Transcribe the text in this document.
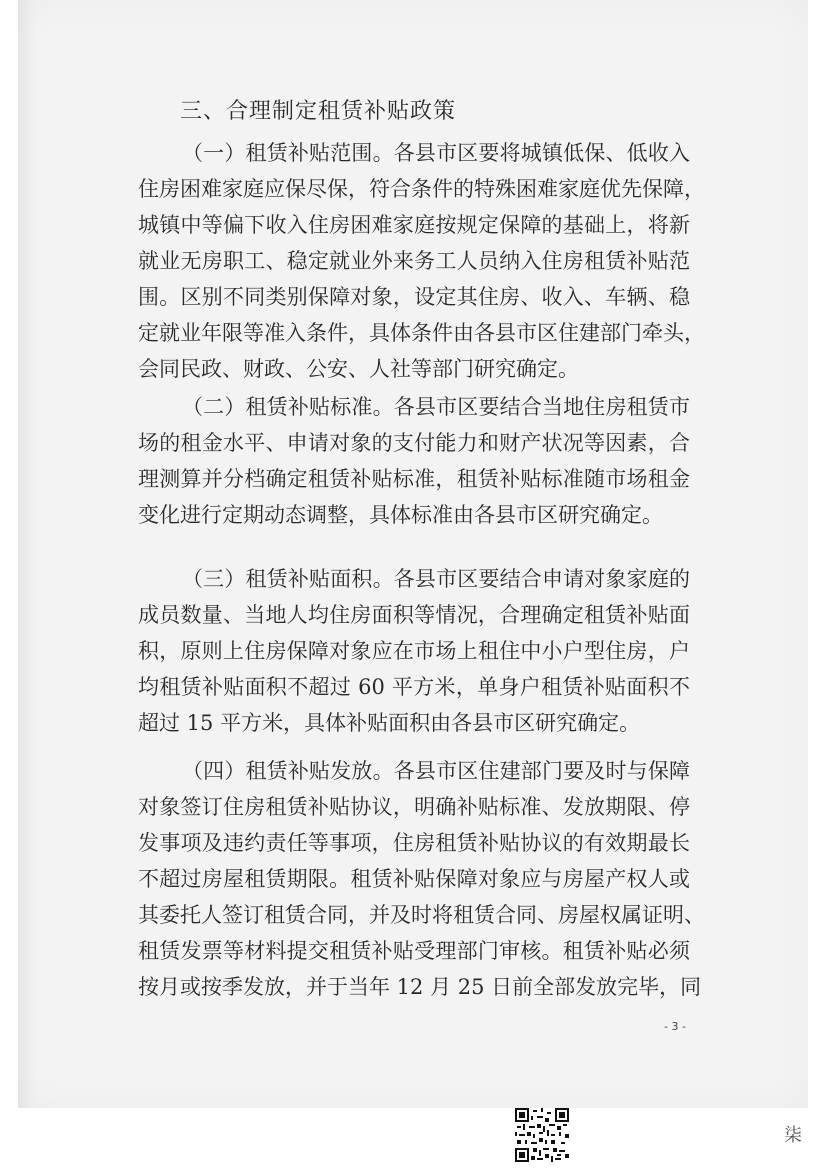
三、合理制定租赁补贴政策
（一）租赁补贴范围。各县市区要将城镇低保、低收入
住房困难家庭应保尽保，符合条件的特殊困难家庭优先保障，
城镇中等偏下收入住房困难家庭按规定保障的基础上，将新
就业无房职工、稳定就业外来务工人员纳入住房租赁补贴范
围。区别不同类别保障对象，设定其住房、收入、车辆、稳
定就业年限等准入条件，具体条件由各县市区住建部门牵头，
会同民政、财政、公安、人社等部门研究确定。
（二）租赁补贴标准。各县市区要结合当地住房租赁市
场的租金水平、申请对象的支付能力和财产状况等因素，合
理测算并分档确定租赁补贴标准，租赁补贴标准随市场租金
变化进行定期动态调整，具体标准由各县市区研究确定。
（三）租赁补贴面积。各县市区要结合申请对象家庭的
成员数量、当地人均住房面积等情况，合理确定租赁补贴面
积，原则上住房保障对象应在市场上租住中小户型住房，户
均租赁补贴面积不超过 60 平方米，单身户租赁补贴面积不
超过 15 平方米，具体补贴面积由各县市区研究确定。
（四）租赁补贴发放。各县市区住建部门要及时与保障
对象签订住房租赁补贴协议，明确补贴标准、发放期限、停
发事项及违约责任等事项，住房租赁补贴协议的有效期最长
不超过房屋租赁期限。租赁补贴保障对象应与房屋产权人或
其委托人签订租赁合同，并及时将租赁合同、房屋权属证明、
租赁发票等材料提交租赁补贴受理部门审核。租赁补贴必须
按月或按季发放，并于当年 12 月 25 日前全部发放完毕，同
- 3 -
柒
